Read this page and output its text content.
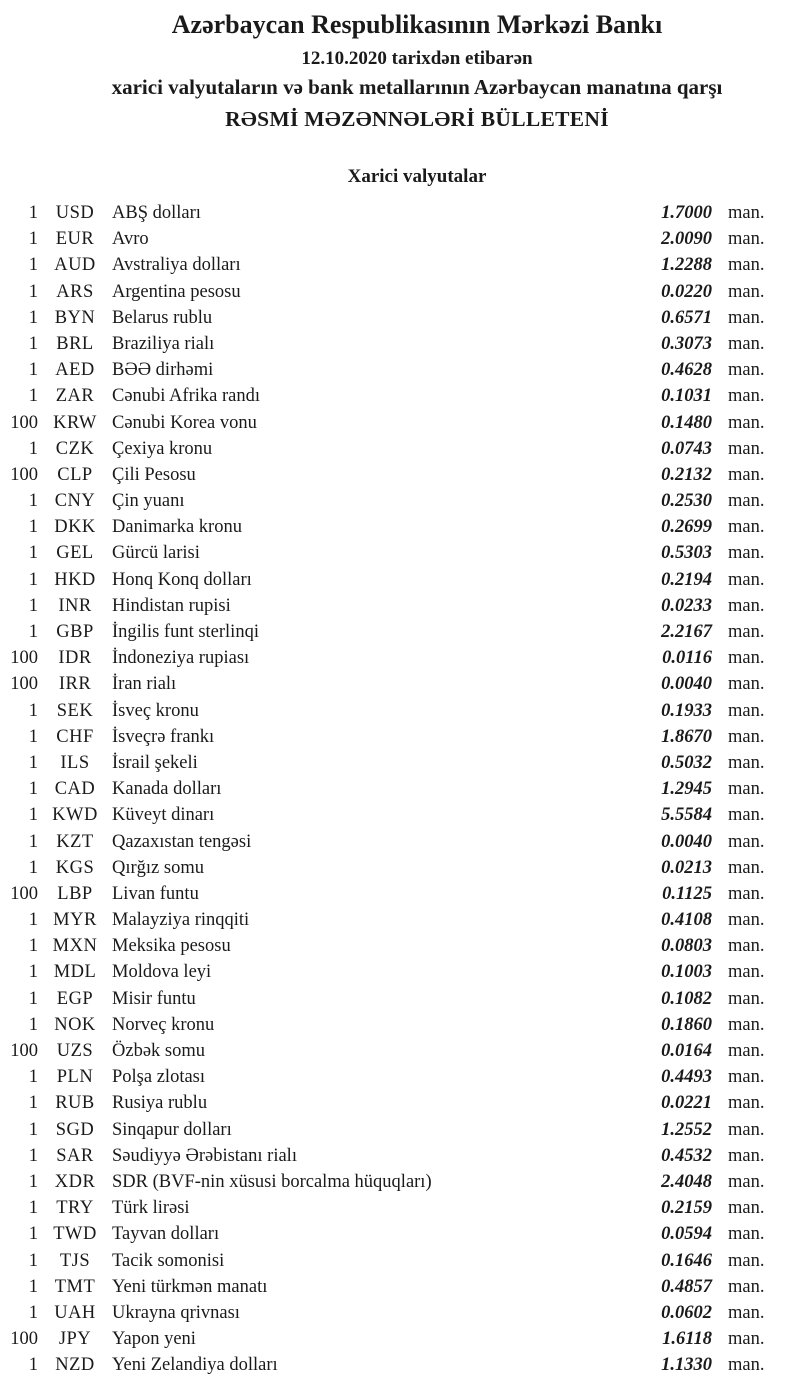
Azərbaycan Respublikasının Mərkəzi Bankı
12.10.2020 tarixdən etibarən
xarici valyutaların və bank metallarının Azərbaycan manatına qarşı
RƏSMİ MƏZƏNNƏLƏRİ BÜLLETENİ
Xarici valyutalar
1 USD ABŞ dolları	1.7000 man.
1 EUR Avro	2.0090 man.
1 AUD Avstraliya dolları	1.2288 man.
1 ARS Argentina pesosu	0.0220 man.
1 BYN Belarus rublu	0.6571 man.
1 BRL Braziliya rialı	0.3073 man.
1 AED BƏƏ dirhəmi	0.4628 man.
1 ZAR Cənubi Afrika randı	0.1031 man.
100 KRW Cənubi Korea vonu	0.1480 man.
1 CZK Çexiya kronu	0.0743 man.
100	CLP	Çili Pesosu	0.2132 man.
1 CNY Çin yuanı	0.2530 man.
1 DKK Danimarka kronu	0.2699 man.
1 GEL Gürcü larisi	0.5303 man.
1 HKD Honq Konq dolları	0.2194 man.
1	INR	Hindistan rupisi	0.0233 man.
1 GBP İngilis funt sterlinqi	2.2167 man.
100	IDR	İndoneziya rupiası	0.0116 man.
100	IRR	İran rialı	0.0040 man.
1	SEK	İsveç kronu	0.1933 man.
1 CHF İsveçrə frankı	1.8670 man.
1	ILS	İsrail şekeli	0.5032 man.
1 CAD Kanada dolları	1.2945 man.
1 KWD Küveyt dinarı	5.5584 man.
1 KZT Qazaxıstan tengəsi	0.0040 man.
1 KGS Qırğız somu	0.0213 man.
100	LBP	Livan funtu	0.1125 man.
1 MYR Malayziya rinqqiti	0.4108 man.
1 MXN Meksika pesosu	0.0803 man.
1 MDL Moldova leyi	0.1003 man.
1	EGP	Misir funtu	0.1082 man.
1 NOK Norveç kronu	0.1860 man.
100	UZS	Özbək somu	0.0164 man.
1	PLN	Polşa zlotası	0.4493 man.
1 RUB Rusiya rublu	0.0221 man.
1 SGD Sinqapur dolları	1.2552 man.
1 SAR Səudiyyə Ərəbistanı rialı	0.4532 man.
1 XDR SDR (BVF-nin xüsusi borcalma hüquqları)	2.4048 man.
1 TRY Türk lirəsi	0.2159 man.
1 TWD Tayvan dolları	0.0594 man.
1	TJS	Tacik somonisi	0.1646 man.
1 TMT Yeni türkmən manatı	0.4857 man.
1 UAH Ukrayna qrivnası	0.0602 man.
100	JPY	Yapon yeni	1.6118 man.
1 NZD Yeni Zelandiya dolları	1.1330 man.
